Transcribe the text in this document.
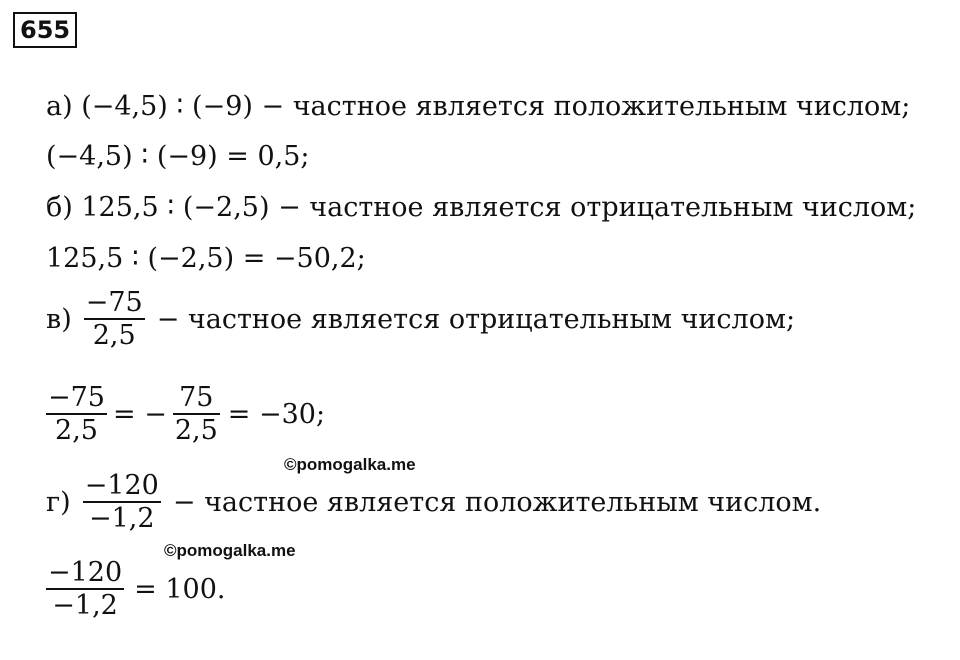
655
а) (−4,5) ∶ (−9) − частное является положительным числом;
(−4,5) ∶ (−9) = 0,5;
б) 125,5 ∶ (−2,5) − частное является отрицательным числом;
125,5 ∶ (−2,5) = −50,2;
$в) \frac{-75}{2,5}$ − частное является отрицательным числом;
$\frac{-75}{2,5}$ = − $\frac{75}{2,5} = -30$;
©pomogalka.me
$г) \frac{-120}{-1,2}$ − частное является положительным числом.
©pomogalka.me
$\frac{-120}{-1,2} = 100$.
